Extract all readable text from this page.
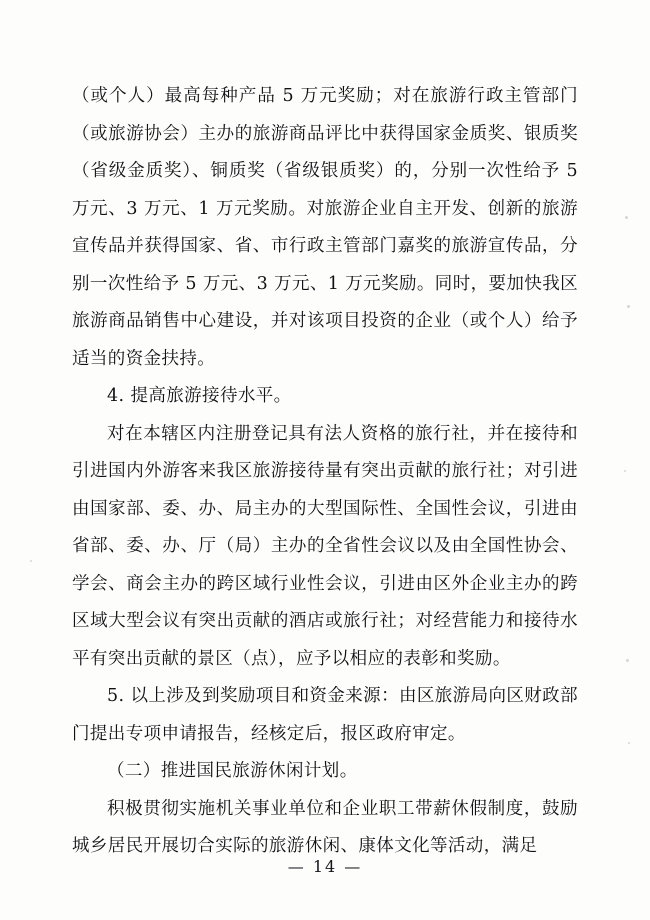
（或个人）最高每种产品 5 万元奖励；对在旅游行政主管部门（或旅游协会）主办的旅游商品评比中获得国家金质奖、银质奖（省级金质奖）、铜质奖（省级银质奖）的，分别一次性给予 5 万元、3 万元、1 万元奖励。对旅游企业自主开发、创新的旅游宣传品并获得国家、省、市行政主管部门嘉奖的旅游宣传品，分别一次性给予 5 万元、3 万元、1 万元奖励。同时，要加快我区旅游商品销售中心建设，并对该项目投资的企业（或个人）给予适当的资金扶持。

4. 提高旅游接待水平。

对在本辖区内注册登记具有法人资格的旅行社，并在接待和引进国内外游客来我区旅游接待量有突出贡献的旅行社；对引进由国家部、委、办、局主办的大型国际性、全国性会议，引进由省部、委、办、厅（局）主办的全省性会议以及由全国性协会、学会、商会主办的跨区域行业性会议，引进由区外企业主办的跨区域大型会议有突出贡献的酒店或旅行社；对经营能力和接待水平有突出贡献的景区（点），应予以相应的表彰和奖励。

5. 以上涉及到奖励项目和资金来源：由区旅游局向区财政部门提出专项申请报告，经核定后，报区政府审定。

（二）推进国民旅游休闲计划。

积极贯彻实施机关事业单位和企业职工带薪休假制度，鼓励城乡居民开展切合实际的旅游休闲、康体文化等活动，满足

— 14 —
